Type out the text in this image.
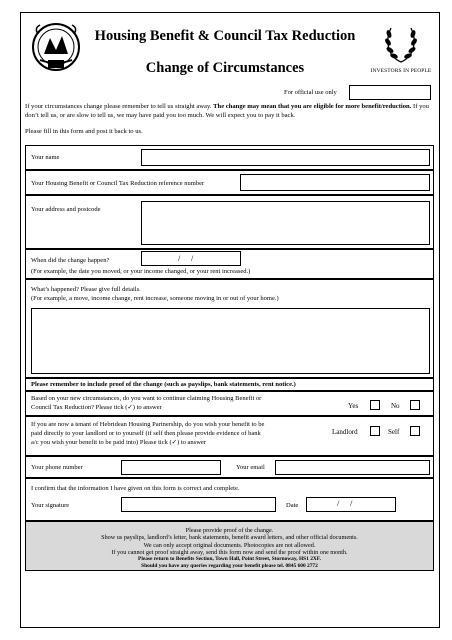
Housing Benefit & Council Tax Reduction
Change of Circumstances	INVESTORS IN PEOPLE
For official use only
If your circumstances change please remember to tell us straight away. The change may mean that you are eligible for more benefit/reduction. If you don’t tell us, or are slow to tell us, we may have paid you too much. We will expect you to pay it back.
Please fill in this form and post it back to us.
Your name
Your Housing Benefit or Council Tax Reduction reference number
Your address and postcode
When did the change happen?	/     /
(For example, the date you moved, or your income changed, or your rent increased.)
What’s happened? Please give full details.
(For example, a move, income change, rent increase, someone moving in or out of your home.)
Please remember to include proof of the change (such as payslips, bank statements, rent notice.)
Based on your new circumstances, do you want to continue claiming Housing Benefit or
Council Tax Reduction? Please tick (✓) to answer	Yes	No
If you are now a tenant of Hebridean Housing Partnership, do you wish your benefit to be
paid directly to your landlord or to yourself (if self then please provide evidence of bank
a/c you wish your benefit to be paid into) Please tick (✓) to answer
Landlord	Self
Your phone number	Your email
I confirm that the information I have given on this form is correct and complete.
Your signature	Date	/     /
Please provide proof of the change.
Show us payslips, landlord’s letter, bank statements, benefit award letters, and other official documents.
We can only accept original documents. Photocopies are not allowed.
If you cannot get proof straight away, send this form now and send the proof within one month.
Please return to Benefits Section, Town Hall, Point Street, Stornoway, HS1 2XF.
Should you have any queries regarding your benefit please tel. 0845 600 2772
